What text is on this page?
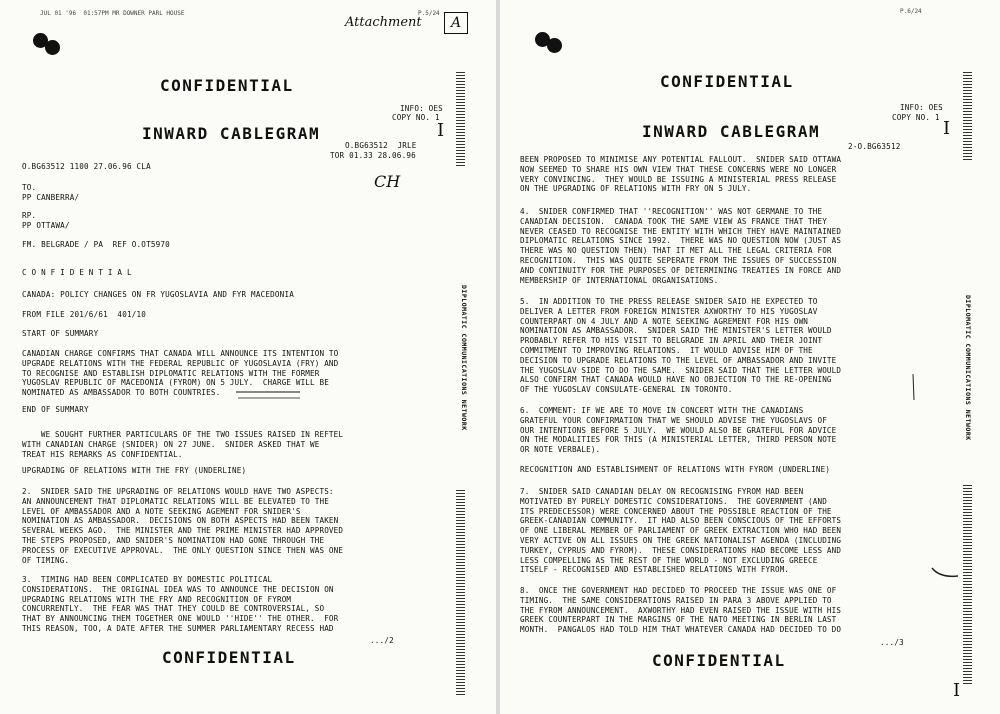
JUL 01 '96  01:57PM MR DOWNER PARL HOUSE	P.5/24
Attachment	A
CONFIDENTIAL
DIPLOMATIC COMMUNICATIONS NETWORK
I
INFO: OES
COPY NO. 1
INWARD CABLEGRAM
O.BG63512  JRLE
TOR 01.33 28.06.96
O.BG63512 1100 27.06.96 CLA
CH
TO.
PP CANBERRA/
RP.
PP OTTAWA/
FM. BELGRADE / PA  REF O.OT5970
C O N F I D E N T I A L
CANADA: POLICY CHANGES ON FR YUGOSLAVIA AND FYR MACEDONIA
FROM FILE 201/6/61  401/10
START OF SUMMARY
CANADIAN CHARGE CONFIRMS THAT CANADA WILL ANNOUNCE ITS INTENTION TO
UPGRADE RELATIONS WITH THE FEDERAL REPUBLIC OF YUGOSLAVIA (FRY) AND
TO RECOGNISE AND ESTABLISH DIPLOMATIC RELATIONS WITH THE FORMER
YUGOSLAV REPUBLIC OF MACEDONIA (FYROM) ON 5 JULY.  CHARGE WILL BE
NOMINATED AS AMBASSADOR TO BOTH COUNTRIES.
END OF SUMMARY
WE SOUGHT FURTHER PARTICULARS OF THE TWO ISSUES RAISED IN REFTEL
WITH CANADIAN CHARGE (SNIDER) ON 27 JUNE.  SNIDER ASKED THAT WE
TREAT HIS REMARKS AS CONFIDENTIAL.
UPGRADING OF RELATIONS WITH THE FRY (UNDERLINE)
2.  SNIDER SAID THE UPGRADING OF RELATIONS WOULD HAVE TWO ASPECTS:
AN ANNOUNCEMENT THAT DIPLOMATIC RELATIONS WILL BE ELEVATED TO THE
LEVEL OF AMBASSADOR AND A NOTE SEEKING AGEMENT FOR SNIDER'S
NOMINATION AS AMBASSADOR.  DECISIONS ON BOTH ASPECTS HAD BEEN TAKEN
SEVERAL WEEKS AGO.  THE MINISTER AND THE PRIME MINISTER HAD APPROVED
THE STEPS PROPOSED, AND SNIDER'S NOMINATION HAD GONE THROUGH THE
PROCESS OF EXECUTIVE APPROVAL.  THE ONLY QUESTION SINCE THEN WAS ONE
OF TIMING.
3.  TIMING HAD BEEN COMPLICATED BY DOMESTIC POLITICAL
CONSIDERATIONS.  THE ORIGINAL IDEA WAS TO ANNOUNCE THE DECISION ON
UPGRADING RELATIONS WITH THE FRY AND RECOGNITION OF FYROM
CONCURRENTLY.  THE FEAR WAS THAT THEY COULD BE CONTROVERSIAL, SO
THAT BY ANNOUNCING THEM TOGETHER ONE WOULD ''HIDE'' THE OTHER.  FOR
THIS REASON, TOO, A DATE AFTER THE SUMMER PARLIAMENTARY RECESS HAD
.../2
CONFIDENTIAL
P.6/24
CONFIDENTIAL
DIPLOMATIC COMMUNICATIONS NETWORK
I
I
INFO: OES
COPY NO. 1
INWARD CABLEGRAM
2-O.BG63512
BEEN PROPOSED TO MINIMISE ANY POTENTIAL FALLOUT.  SNIDER SAID OTTAWA
NOW SEEMED TO SHARE HIS OWN VIEW THAT THESE CONCERNS WERE NO LONGER
VERY CONVINCING.  THEY WOULD BE ISSUING A MINISTERIAL PRESS RELEASE
ON THE UPGRADING OF RELATIONS WITH FRY ON 5 JULY.
4.  SNIDER CONFIRMED THAT ''RECOGNITION'' WAS NOT GERMANE TO THE
CANADIAN DECISION.  CANADA TOOK THE SAME VIEW AS FRANCE THAT THEY
NEVER CEASED TO RECOGNISE THE ENTITY WITH WHICH THEY HAVE MAINTAINED
DIPLOMATIC RELATIONS SINCE 1992.  THERE WAS NO QUESTION NOW (JUST AS
THERE WAS NO QUESTION THEN) THAT IT MET ALL THE LEGAL CRITERIA FOR
RECOGNITION.  THIS WAS QUITE SEPERATE FROM THE ISSUES OF SUCCESSION
AND CONTINUITY FOR THE PURPOSES OF DETERMINING TREATIES IN FORCE AND
MEMBERSHIP OF INTERNATIONAL ORGANISATIONS.
5.  IN ADDITION TO THE PRESS RELEASE SNIDER SAID HE EXPECTED TO
DELIVER A LETTER FROM FOREIGN MINISTER AXWORTHY TO HIS YUGOSLAV
COUNTERPART ON 4 JULY AND A NOTE SEEKING AGREMENT FOR HIS OWN
NOMINATION AS AMBASSADOR.  SNIDER SAID THE MINISTER'S LETTER WOULD
PROBABLY REFER TO HIS VISIT TO BELGRADE IN APRIL AND THEIR JOINT
COMMITMENT TO IMPROVING RELATIONS.  IT WOULD ADVISE HIM OF THE
DECISION TO UPGRADE RELATIONS TO THE LEVEL OF AMBASSADOR AND INVITE
THE YUGOSLAV SIDE TO DO THE SAME.  SNIDER SAID THAT THE LETTER WOULD
ALSO CONFIRM THAT CANADA WOULD HAVE NO OBJECTION TO THE RE-OPENING
OF THE YUGOSLAV CONSULATE-GENERAL IN TORONTO.
6.  COMMENT: IF WE ARE TO MOVE IN CONCERT WITH THE CANADIANS
GRATEFUL YOUR CONFIRMATION THAT WE SHOULD ADVISE THE YUGOSLAVS OF
OUR INTENTIONS BEFORE 5 JULY.  WE WOULD ALSO BE GRATEFUL FOR ADVICE
ON THE MODALITIES FOR THIS (A MINISTERIAL LETTER, THIRD PERSON NOTE
OR NOTE VERBALE).
RECOGNITION AND ESTABLISHMENT OF RELATIONS WITH FYROM (UNDERLINE)
7.  SNIDER SAID CANADIAN DELAY ON RECOGNISING FYROM HAD BEEN
MOTIVATED BY PURELY DOMESTIC CONSIDERATIONS.  THE GOVERNMENT (AND
ITS PREDECESSOR) WERE CONCERNED ABOUT THE POSSIBLE REACTION OF THE
GREEK-CANADIAN COMMUNITY.  IT HAD ALSO BEEN CONSCIOUS OF THE EFFORTS
OF ONE LIBERAL MEMBER OF PARLIAMENT OF GREEK EXTRACTION WHO HAD BEEN
VERY ACTIVE ON ALL ISSUES ON THE GREEK NATIONALIST AGENDA (INCLUDING
TURKEY, CYPRUS AND FYROM).  THESE CONSIDERATIONS HAD BECOME LESS AND
LESS COMPELLING AS THE REST OF THE WORLD - NOT EXCLUDING GREECE
ITSELF - RECOGNISED AND ESTABLISHED RELATIONS WITH FYROM.
8.  ONCE THE GOVERNMENT HAD DECIDED TO PROCEED THE ISSUE WAS ONE OF
TIMING.  THE SAME CONSIDERATIONS RAISED IN PARA 3 ABOVE APPLIED TO
THE FYROM ANNOUNCEMENT.  AXWORTHY HAD EVEN RAISED THE ISSUE WITH HIS
GREEK COUNTERPART IN THE MARGINS OF THE NATO MEETING IN BERLIN LAST
MONTH.  PANGALOS HAD TOLD HIM THAT WHATEVER CANADA HAD DECIDED TO DO
.../3
CONFIDENTIAL
